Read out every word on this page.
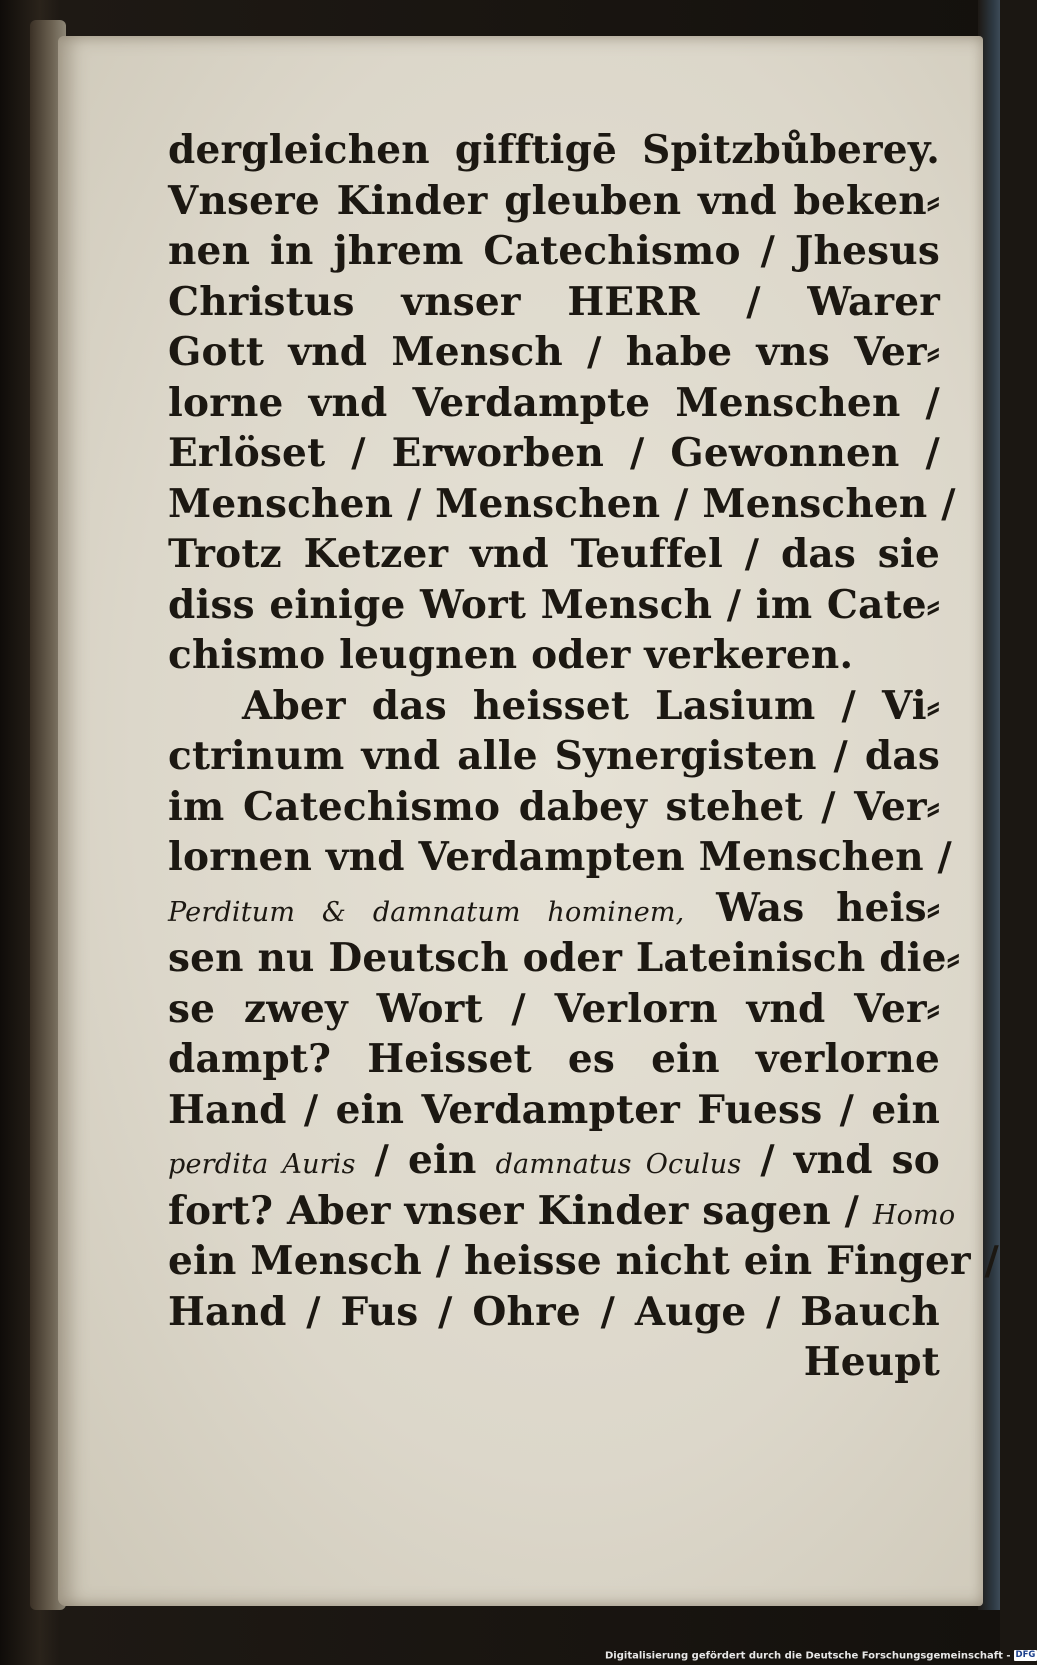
dergleichen gifftigē Spitzbůberey.
Vnsere Kinder gleuben vnd beken⸗
nen in jhrem Catechismo / Jhesus
Christus vnser HERR / Warer
Gott vnd Mensch / habe vns Ver⸗
lorne vnd Verdampte Menschen /
Erlöset / Erworben / Gewonnen /
Menschen / Menschen / Menschen /
Trotz Ketzer vnd Teuffel / das sie
diss einige Wort Mensch / im Cate⸗
chismo leugnen oder verkeren.
Aber das heisset Lasium / Vi⸗
ctrinum vnd alle Synergisten / das
im Catechismo dabey stehet / Ver⸗
lornen vnd Verdampten Menschen /
Perditum & damnatum hominem, Was heis⸗
sen nu Deutsch oder Lateinisch die⸗
se zwey Wort / Verlorn vnd Ver⸗
dampt? Heisset es ein verlorne
Hand / ein Verdampter Fuess / ein
perdita Auris / ein damnatus Oculus / vnd so
fort? Aber vnser Kinder sagen / Homo
ein Mensch / heisse nicht ein Finger /
Hand / Fus / Ohre / Auge / Bauch
Heupt
Digitalisierung gefördert durch die Deutsche Forschungsgemeinschaft - DFG
